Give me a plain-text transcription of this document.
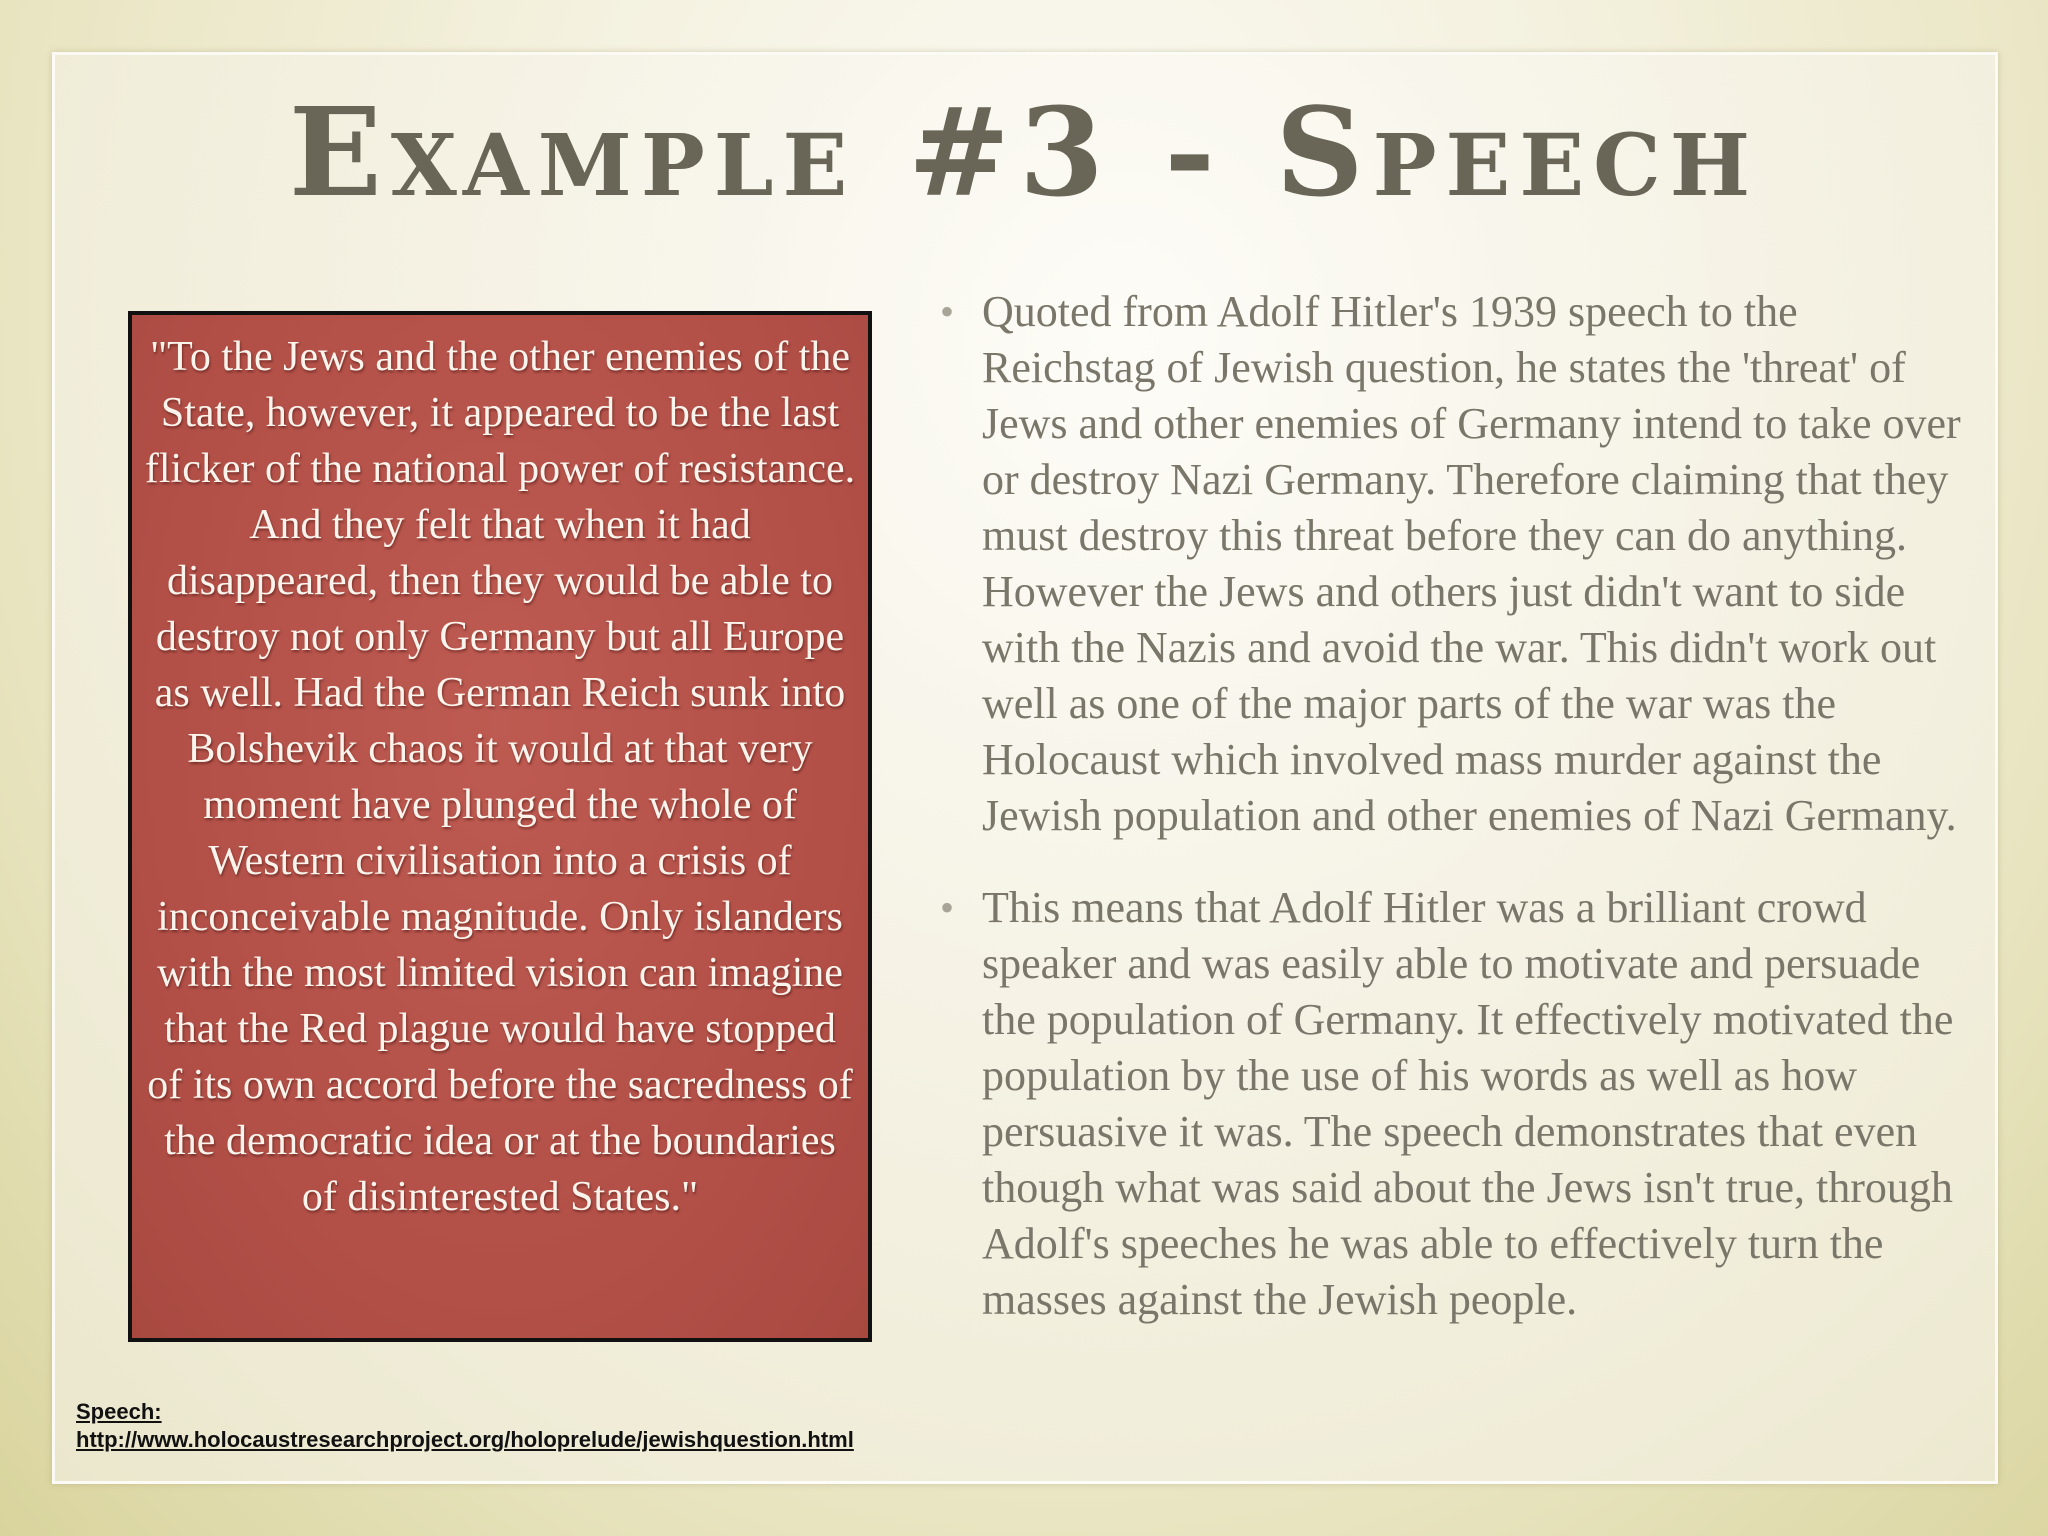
Example #3 - Speech

"To the Jews and the other enemies of the State, however, it appeared to be the last flicker of the national power of resistance. And they felt that when it had disappeared, then they would be able to destroy not only Germany but all Europe as well. Had the German Reich sunk into Bolshevik chaos it would at that very moment have plunged the whole of Western civilisation into a crisis of inconceivable magnitude. Only islanders with the most limited vision can imagine that the Red plague would have stopped of its own accord before the sacredness of the democratic idea or at the boundaries of disinterested States."

Speech:
http://www.holocaustresearchproject.org/holoprelude/jewishquestion.html
• Quoted from Adolf Hitler's 1939 speech to the Reichstag of Jewish question, he states the 'threat' of Jews and other enemies of Germany intend to take over or destroy Nazi Germany. Therefore claiming that they must destroy this threat before they can do anything. However the Jews and others just didn't want to side with the Nazis and avoid the war. This didn't work out well as one of the major parts of the war was the Holocaust which involved mass murder against the Jewish population and other enemies of Nazi Germany.
• This means that Adolf Hitler was a brilliant crowd speaker and was easily able to motivate and persuade the population of Germany. It effectively motivated the population by the use of his words as well as how persuasive it was. The speech demonstrates that even though what was said about the Jews isn't true, through Adolf's speeches he was able to effectively turn the masses against the Jewish people.
